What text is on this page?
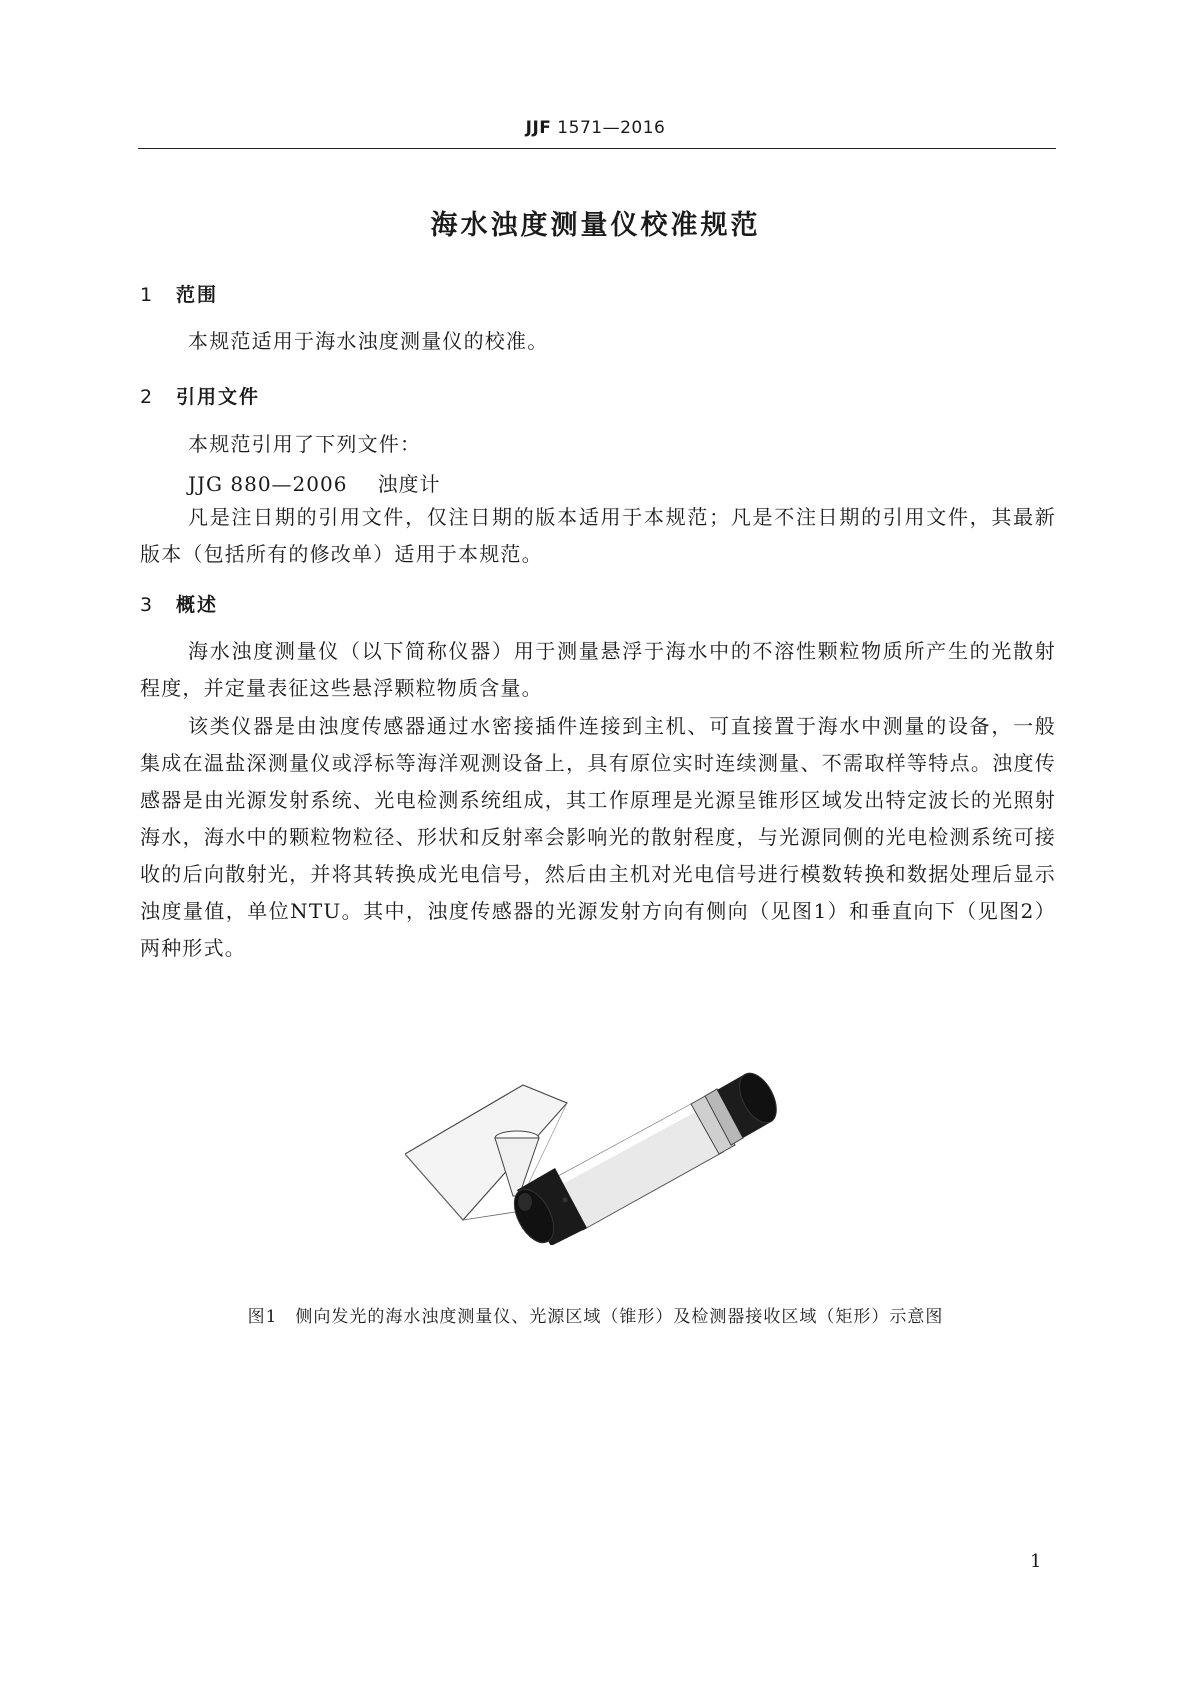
JJF 1571—2016
海水浊度测量仪校准规范
1 范围

本规范适用于海水浊度测量仪的校准。

2 引用文件

本规范引用了下列文件：

JJG 880—2006 浊度计

凡是注日期的引用文件，仅注日期的版本适用于本规范；凡是不注日期的引用文件，其最新版本（包括所有的修改单）适用于本规范。

3 概述

海水浊度测量仪（以下简称仪器）用于测量悬浮于海水中的不溶性颗粒物质所产生的光散射程度，并定量表征这些悬浮颗粒物质含量。

该类仪器是由浊度传感器通过水密接插件连接到主机、可直接置于海水中测量的设备，一般集成在温盐深测量仪或浮标等海洋观测设备上，具有原位实时连续测量、不需取样等特点。浊度传感器是由光源发射系统、光电检测系统组成，其工作原理是光源呈锥形区域发出特定波长的光照射海水，海水中的颗粒物粒径、形状和反射率会影响光的散射程度，与光源同侧的光电检测系统可接收的后向散射光，并将其转换成光电信号，然后由主机对光电信号进行模数转换和数据处理后显示浊度量值，单位NTU。其中，浊度传感器的光源发射方向有侧向（见图1）和垂直向下（见图2）两种形式。

图1　侧向发光的海水浊度测量仪、光源区域（锥形）及检测器接收区域（矩形）示意图
1
